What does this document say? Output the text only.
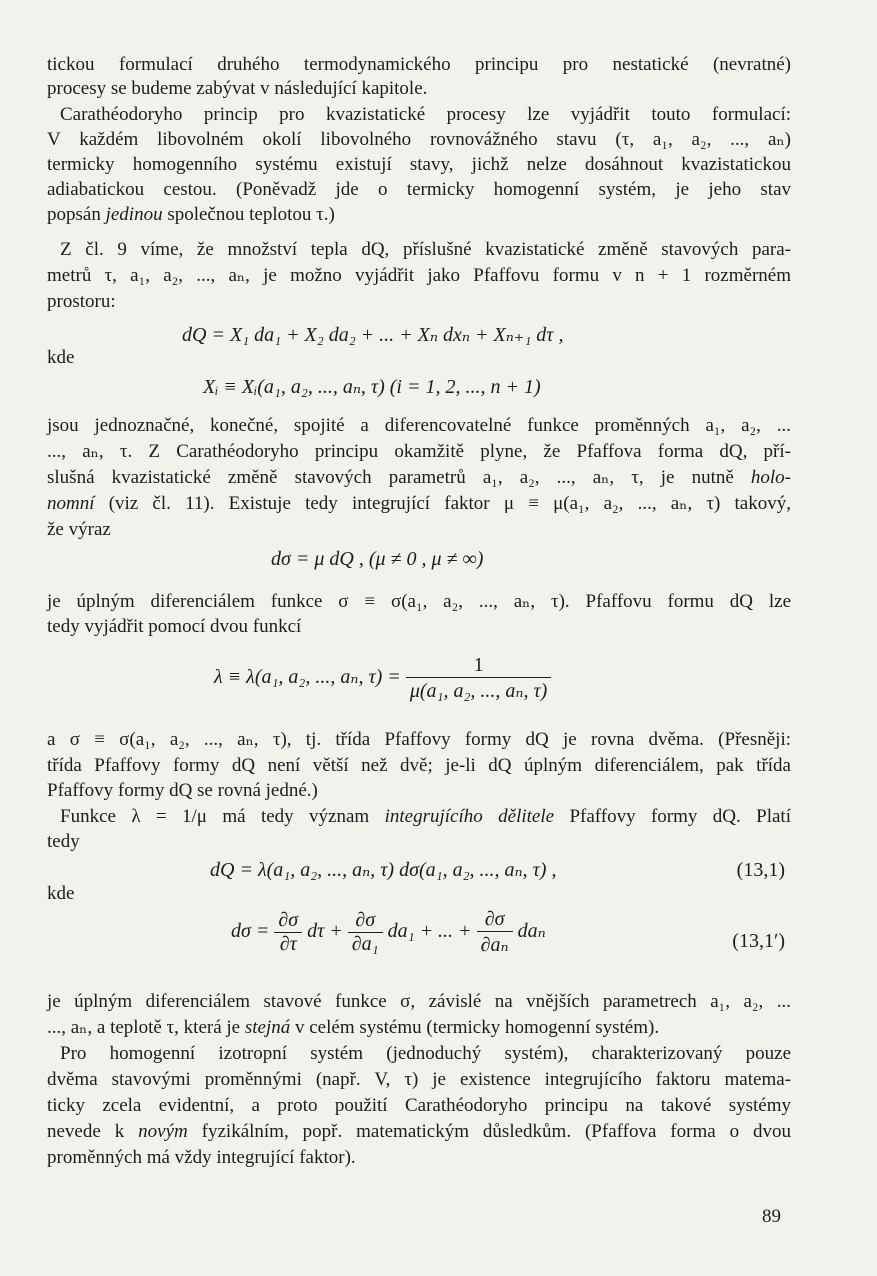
tickou formulací druhého termodynamického principu pro nestatické (nevratné)

procesy se budeme zabývat v následující kapitole.

Carathéodoryho princip pro kvazistatické procesy lze vyjádřit touto formulací:

V každém libovolném okolí libovolného rovnovážného stavu (τ, a₁, a₂, ..., aₙ)

termicky homogenního systému existují stavy, jichž nelze dosáhnout kvazistatickou

adiabatickou cestou. (Poněvadž jde o termicky homogenní systém, je jeho stav

popsán jedinou společnou teplotou τ.)

Z čl. 9 víme, že množství tepla dQ, příslušné kvazistatické změně stavových para-

metrů τ, a₁, a₂, ..., aₙ, je možno vyjádřit jako Pfaffovu formu v n + 1 rozměrném

prostoru:

dQ = X₁ da₁ + X₂ da₂ + ... + Xₙ dxₙ + Xₙ₊₁ dτ ,
kde
Xᵢ ≡ Xᵢ(a₁, a₂, ..., aₙ, τ) (i = 1, 2, ..., n + 1)

jsou jednoznačné, konečné, spojité a diferencovatelné funkce proměnných a₁, a₂, ...

..., aₙ, τ. Z Carathéodoryho principu okamžitě plyne, že Pfaffova forma dQ, pří-

slušná kvazistatické změně stavových parametrů a₁, a₂, ..., aₙ, τ, je nutně holo-

nomní (viz čl. 11). Existuje tedy integrující faktor μ ≡ μ(a₁, a₂, ..., aₙ, τ) takový,

že výraz

dσ = μ dQ , (μ ≠ 0 , μ ≠ ∞)

je úplným diferenciálem funkce σ ≡ σ(a₁, a₂, ..., aₙ, τ). Pfaffovu formu dQ lze

tedy vyjádřit pomocí dvou funkcí

λ ≡ λ(a₁, a₂, ..., aₙ, $\tau) = \frac{1}{\text{μ(a₁, a₂, ..., aₙ, τ)}}$

a σ ≡ σ(a₁, a₂, ..., aₙ, τ), tj. třída Pfaffovy formy dQ je rovna dvěma. (Přesněji:

třída Pfaffovy formy dQ není větší než dvě; je-li dQ úplným diferenciálem, pak třída

Pfaffovy formy dQ se rovná jedné.)

Funkce λ = 1/μ má tedy význam integrujícího dělitele Pfaffovy formy dQ. Platí

tedy

dQ = λ(a₁, a₂, ..., aₙ, τ) dσ(a₁, a₂, ..., aₙ, τ) ,	(13,1)
kde
$d\sigma = \frac{\partial\sigma}{\partial\tau}$ $d\tau + \frac{\partial\sigma}{\text{∂a₁}} da_1$ + ... + $\frac{\partial\sigma}{\text{∂aₙ}}$ daₙ	(13,1′)

je úplným diferenciálem stavové funkce σ, závislé na vnějších parametrech a₁, a₂, ...

..., aₙ, a teplotě τ, která je stejná v celém systému (termicky homogenní systém).

Pro homogenní izotropní systém (jednoduchý systém), charakterizovaný pouze

dvěma stavovými proměnnými (např. V, τ) je existence integrujícího faktoru matema-

ticky zcela evidentní, a proto použití Carathéodoryho principu na takové systémy

nevede k novým fyzikálním, popř. matematickým důsledkům. (Pfaffova forma o dvou

proměnných má vždy integrující faktor).

89
